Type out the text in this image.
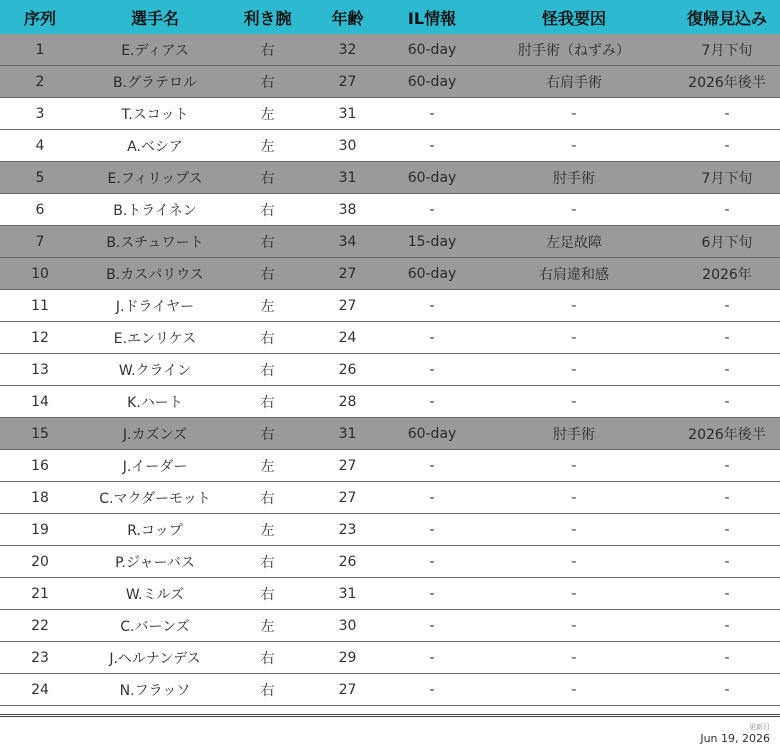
序列	選手名	利き腕	年齢	IL情報	怪我要因	復帰見込み
1	E.ディアス	右	32	60-day	肘手術（ねずみ）	7月下旬
2	B.グラテロル	右	27	60-day	右肩手術	2026年後半
3	T.スコット	左	31	-	-	-
4	A.ベシア	左	30	-	-	-
5	E.フィリップス	右	31	60-day	肘手術	7月下旬
6	B.トライネン	右	38	-	-	-
7	B.スチュワート	右	34	15-day	左足故障	6月下旬
10	B.カスパリウス	右	27	60-day	右肩違和感	2026年
11	J.ドライヤー	左	27	-	-	-
12	E.エンリケス	右	24	-	-	-
13	W.クライン	右	26	-	-	-
14	K.ハート	右	28	-	-	-
15	J.カズンズ	右	31	60-day	肘手術	2026年後半
16	J.イーダー	左	27	-	-	-
18	C.マクダーモット	右	27	-	-	-
19	R.コップ	左	23	-	-	-
20	P.ジャーバス	右	26	-	-	-
21	W.ミルズ	右	31	-	-	-
22	C.バーンズ	左	30	-	-	-
23	J.ヘルナンデス	右	29	-	-	-
24	N.フラッソ	右	27	-	-	-
更新日
Jun 19, 2026
